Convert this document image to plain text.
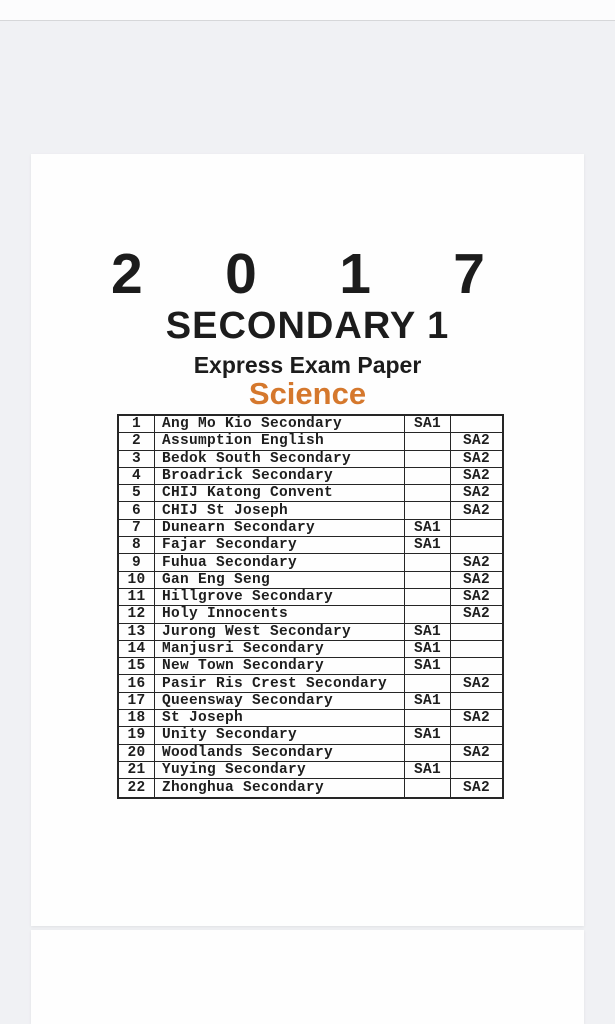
2 0 1 7
SECONDARY 1
Express Exam Paper
Science
1	Ang Mo Kio Secondary	SA1
2	Assumption English	SA2
3	Bedok South Secondary	SA2
4	Broadrick Secondary	SA2
5	CHIJ Katong Convent	SA2
6	CHIJ St Joseph	SA2
7	Dunearn Secondary	SA1
8	Fajar Secondary	SA1
9	Fuhua Secondary	SA2
10	Gan Eng Seng	SA2
11	Hillgrove Secondary	SA2
12	Holy Innocents	SA2
13	Jurong West Secondary	SA1
14	Manjusri Secondary	SA1
15	New Town Secondary	SA1
16	Pasir Ris Crest Secondary	SA2
17	Queensway Secondary	SA1
18	St Joseph	SA2
19	Unity Secondary	SA1
20	Woodlands Secondary	SA2
21	Yuying Secondary	SA1
22	Zhonghua Secondary	SA2
